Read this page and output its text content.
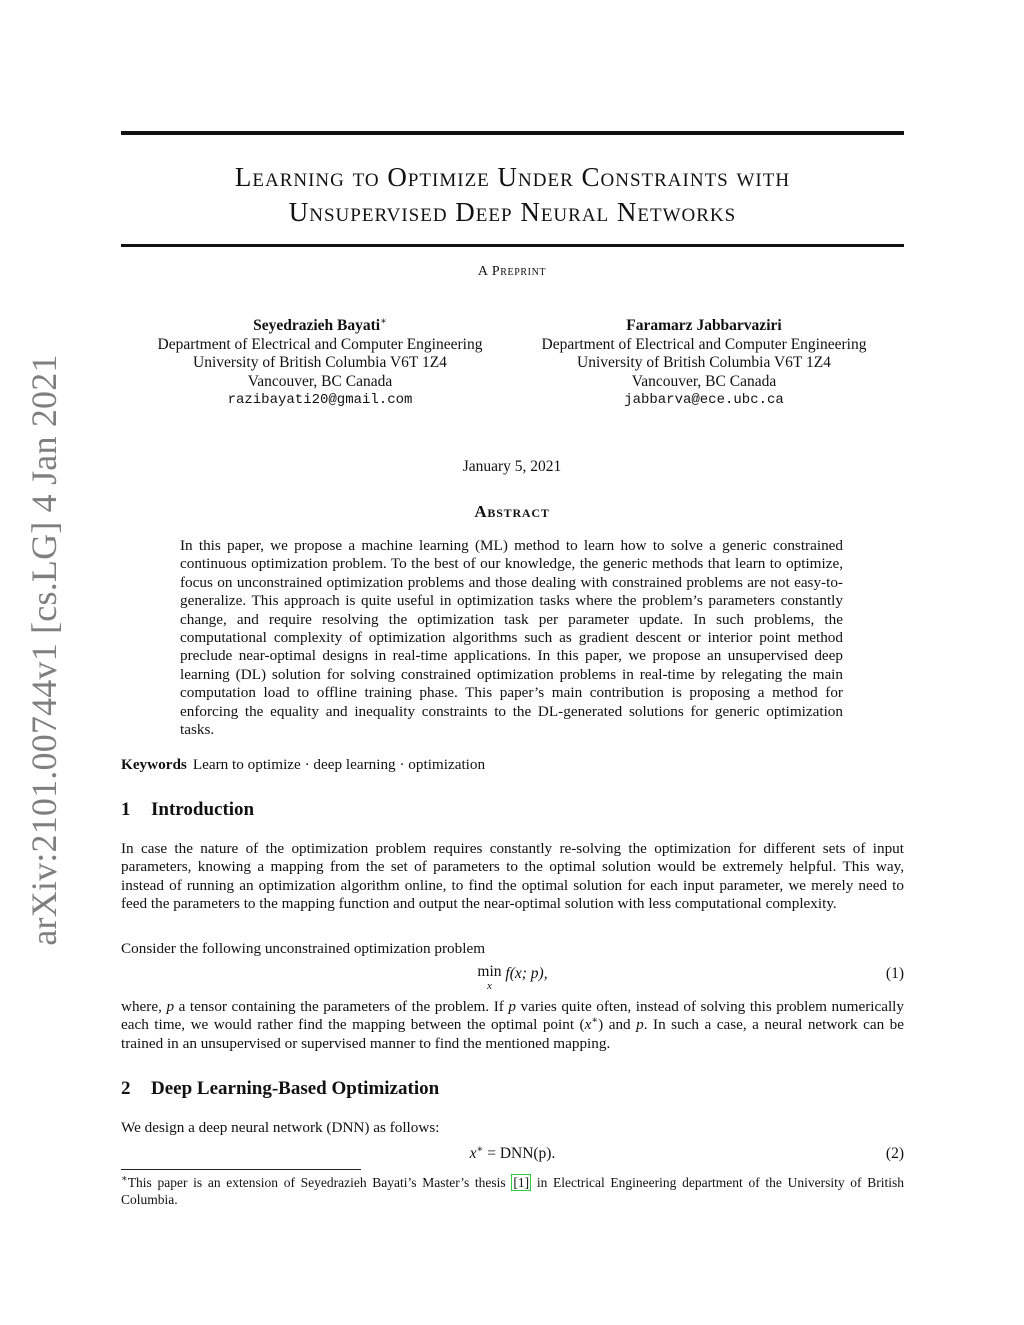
arXiv:2101.00744v1 [cs.LG] 4 Jan 2021
Learning to Optimize Under Constraints with
Unsupervised Deep Neural Networks
A Preprint
Seyedrazieh Bayati∗
Department of Electrical and Computer Engineering
University of British Columbia V6T 1Z4
Vancouver, BC Canada
razibayati20@gmail.com
Faramarz Jabbarvaziri
Department of Electrical and Computer Engineering
University of British Columbia V6T 1Z4
Vancouver, BC Canada
jabbarva@ece.ubc.ca
January 5, 2021
Abstract

In this paper, we propose a machine learning (ML) method to learn how to solve a generic constrained continuous optimization problem. To the best of our knowledge, the generic methods that learn to optimize, focus on unconstrained optimization problems and those dealing with constrained problems are not easy-to-generalize. This approach is quite useful in optimization tasks where the problem’s parameters constantly change, and require resolving the optimization task per parameter update. In such problems, the computational complexity of optimization algorithms such as gradient descent or interior point method preclude near-optimal designs in real-time applications. In this paper, we propose an unsupervised deep learning (DL) solution for solving constrained optimization problems in real-time by relegating the main computation load to offline training phase. This paper’s main contribution is proposing a method for enforcing the equality and inequality constraints to the DL-generated solutions for generic optimization tasks.

Keywords Learn to optimize · deep learning · optimization
1 Introduction

In case the nature of the optimization problem requires constantly re-solving the optimization for different sets of input parameters, knowing a mapping from the set of parameters to the optimal solution would be extremely helpful. This way, instead of running an optimization algorithm online, to find the optimal solution for each input parameter, we merely need to feed the parameters to the mapping function and output the near-optimal solution with less computational complexity.

Consider the following unconstrained optimization problem

min
x
f(x; p),	(1)

where, p a tensor containing the parameters of the problem. If p varies quite often, instead of solving this problem numerically each time, we would rather find the mapping between the optimal point (x∗) and p. In such a case, a neural network can be trained in an unsupervised or supervised manner to find the mentioned mapping.

2 Deep Learning-Based Optimization

We design a deep neural network (DNN) as follows:

x∗ = DNN(p).	(2)

∗This paper is an extension of Seyedrazieh Bayati’s Master’s thesis [1] in Electrical Engineering department of the University of British Columbia.
